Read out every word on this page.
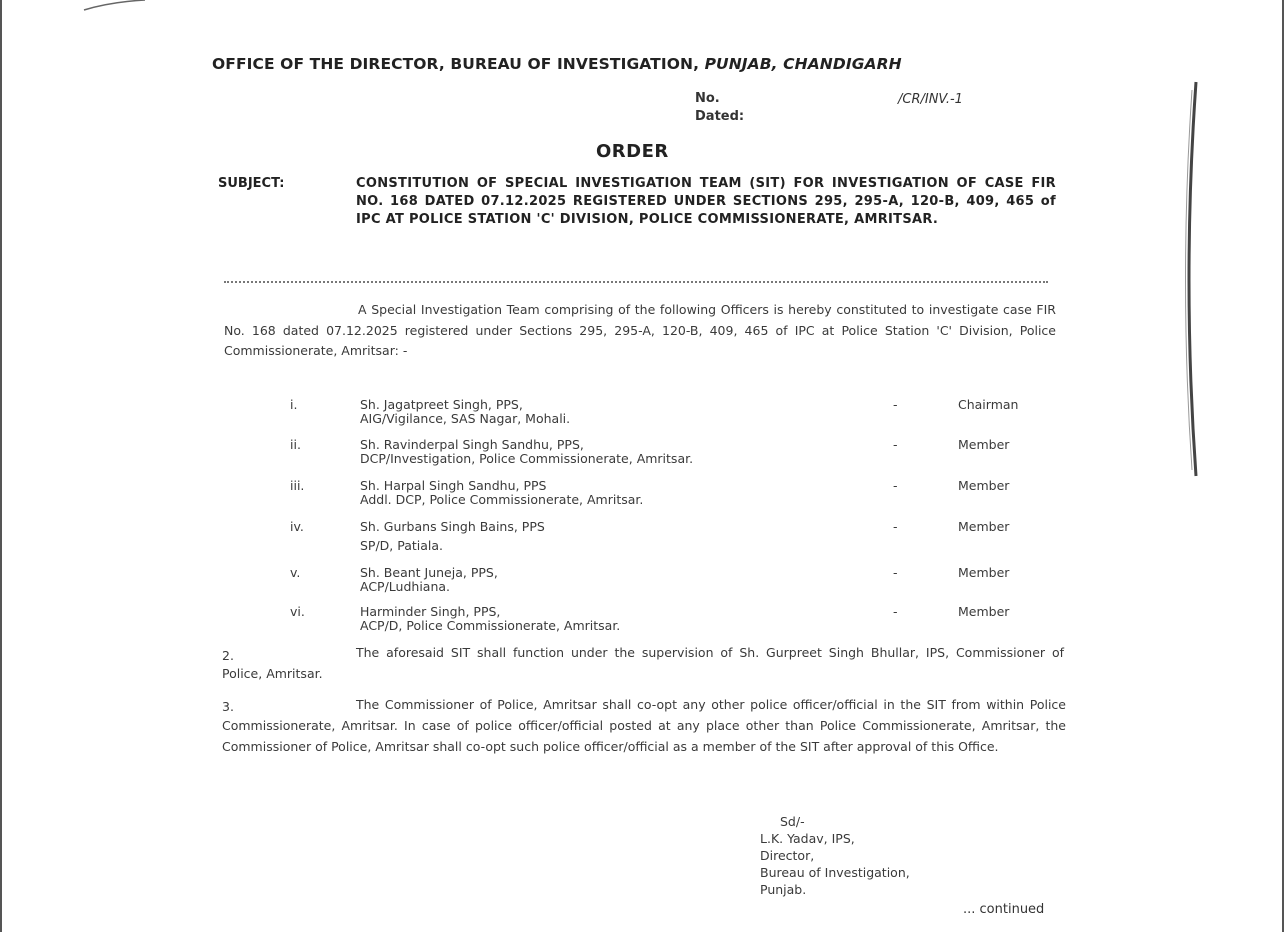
OFFICE OF THE DIRECTOR, BUREAU OF INVESTIGATION, PUNJAB, CHANDIGARH
No.	/CR/INV.-1
Dated:
ORDER
SUBJECT:	CONSTITUTION OF SPECIAL INVESTIGATION TEAM (SIT) FOR INVESTIGATION OF CASE FIR NO. 168 DATED 07.12.2025 REGISTERED UNDER SECTIONS 295, 295-A, 120-B, 409, 465 of IPC AT POLICE STATION 'C' DIVISION, POLICE COMMISSIONERATE, AMRITSAR.
A Special Investigation Team comprising of the following Officers is hereby constituted to investigate case FIR No. 168 dated 07.12.2025 registered under Sections 295, 295-A, 120-B, 409, 465 of IPC at Police Station 'C' Division, Police Commissionerate, Amritsar: -
i.	Sh. Jagatpreet Singh, PPS,
AIG/Vigilance, SAS Nagar, Mohali.
-	Chairman
ii.	Sh. Ravinderpal Singh Sandhu, PPS,
DCP/Investigation, Police Commissionerate, Amritsar.
-	Member
iii.	Sh. Harpal Singh Sandhu, PPS
Addl. DCP, Police Commissionerate, Amritsar.
-	Member
iv.	Sh. Gurbans Singh Bains, PPS
SP/D, Patiala.
-	Member
v.	Sh. Beant Juneja, PPS,
ACP/Ludhiana.
-	Member
vi.	Harminder Singh, PPS,
ACP/D, Police Commissionerate, Amritsar.
-	Member
2.	The aforesaid SIT shall function under the supervision of Sh. Gurpreet Singh Bhullar, IPS, Commissioner of Police, Amritsar.
3.	The Commissioner of Police, Amritsar shall co-opt any other police officer/official in the SIT from within Police Commissionerate, Amritsar. In case of police officer/official posted at any place other than Police Commissionerate, Amritsar, the Commissioner of Police, Amritsar shall co-opt such police officer/official as a member of the SIT after approval of this Office.
Sd/-
L.K. Yadav, IPS,
Director,
Bureau of Investigation,
Punjab.
... continued
